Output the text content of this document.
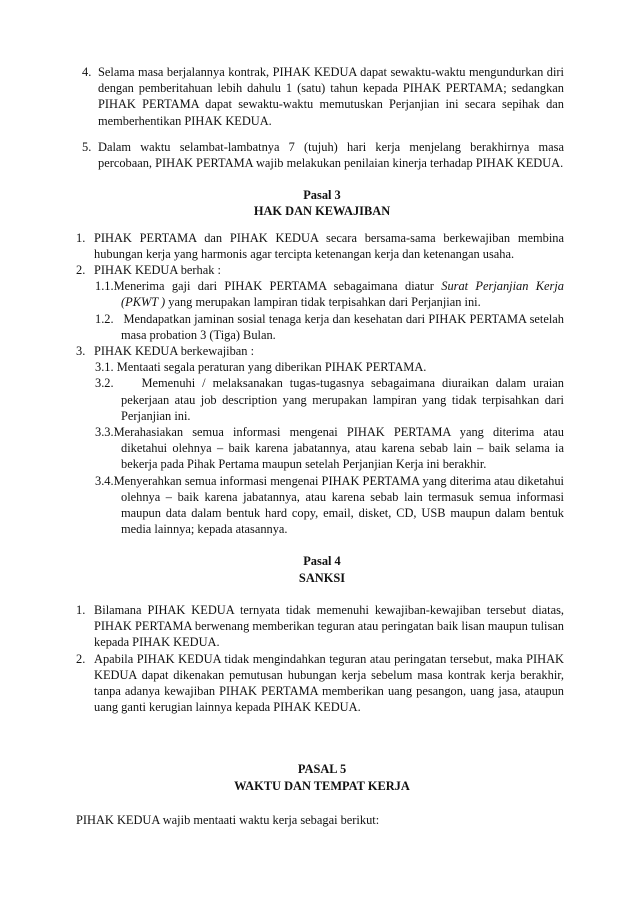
4. Selama masa berjalannya kontrak, PIHAK KEDUA dapat sewaktu-waktu mengundurkan diri dengan pemberitahuan lebih dahulu 1 (satu) tahun kepada PIHAK PERTAMA; sedangkan PIHAK PERTAMA dapat sewaktu-waktu memutuskan Perjanjian ini secara sepihak dan memberhentikan PIHAK KEDUA.
5. Dalam waktu selambat-lambatnya 7 (tujuh) hari kerja menjelang berakhirnya masa percobaan, PIHAK PERTAMA wajib melakukan penilaian kinerja terhadap PIHAK KEDUA.

Pasal 3

HAK DAN KEWAJIBAN

1. PIHAK PERTAMA dan PIHAK KEDUA secara bersama-sama berkewajiban membina hubungan kerja yang harmonis agar tercipta ketenangan kerja dan ketenangan usaha.
2. PIHAK KEDUA berhak :
1.1.Menerima gaji dari PIHAK PERTAMA sebagaimana diatur Surat Perjanjian Kerja (PKWT ) yang merupakan lampiran tidak terpisahkan dari Perjanjian ini.
1.2. Mendapatkan jaminan sosial tenaga kerja dan kesehatan dari PIHAK PERTAMA setelah masa probation 3 (Tiga) Bulan.
3. PIHAK KEDUA berkewajiban :
3.1. Mentaati segala peraturan yang diberikan PIHAK PERTAMA.
3.2. Memenuhi / melaksanakan tugas-tugasnya sebagaimana diuraikan dalam uraian pekerjaan atau job description yang merupakan lampiran yang tidak terpisahkan dari Perjanjian ini.
3.3.Merahasiakan semua informasi mengenai PIHAK PERTAMA yang diterima atau diketahui olehnya – baik karena jabatannya, atau karena sebab lain – baik selama ia bekerja pada Pihak Pertama maupun setelah Perjanjian Kerja ini berakhir.
3.4.Menyerahkan semua informasi mengenai PIHAK PERTAMA yang diterima atau diketahui olehnya – baik karena jabatannya, atau karena sebab lain termasuk semua informasi maupun data dalam bentuk hard copy, email, disket, CD, USB maupun dalam bentuk media lainnya; kepada atasannya.

Pasal 4

SANKSI

1. Bilamana PIHAK KEDUA ternyata tidak memenuhi kewajiban-kewajiban tersebut diatas, PIHAK PERTAMA berwenang memberikan teguran atau peringatan baik lisan maupun tulisan kepada PIHAK KEDUA.
2. Apabila PIHAK KEDUA tidak mengindahkan teguran atau peringatan tersebut, maka PIHAK KEDUA dapat dikenakan pemutusan hubungan kerja sebelum masa kontrak kerja berakhir, tanpa adanya kewajiban PIHAK PERTAMA memberikan uang pesangon, uang jasa, ataupun uang ganti kerugian lainnya kepada PIHAK KEDUA.

PASAL 5

WAKTU DAN TEMPAT KERJA

PIHAK KEDUA wajib mentaati waktu kerja sebagai berikut:
